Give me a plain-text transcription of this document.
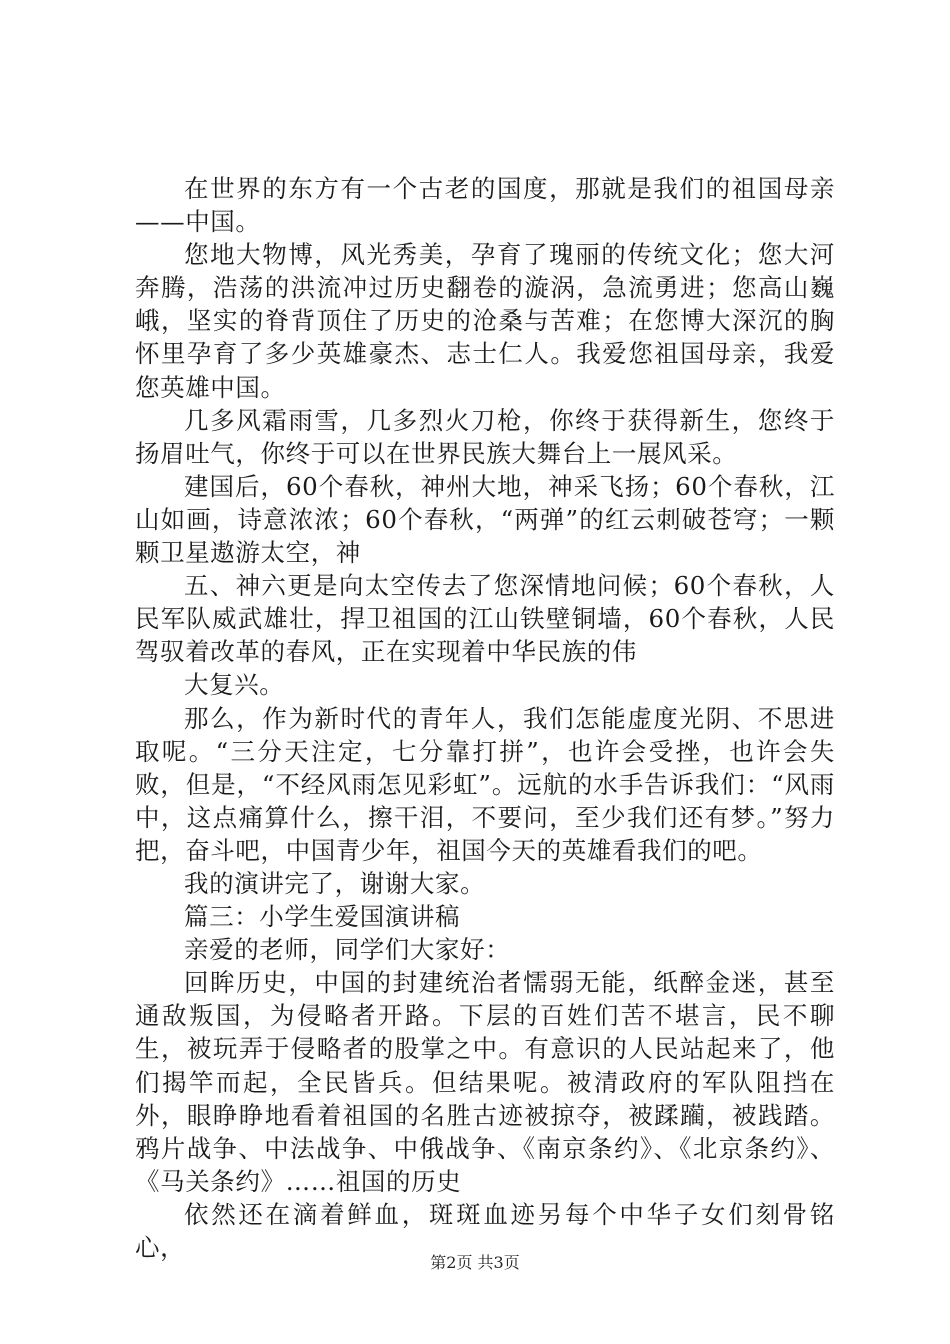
在世界的东方有一个古老的国度，那就是我们的祖国母亲——中国。

您地大物博，风光秀美，孕育了瑰丽的传统文化；您大河奔腾，浩荡的洪流冲过历史翻卷的漩涡，急流勇进；您高山巍峨，坚实的脊背顶住了历史的沧桑与苦难；在您博大深沉的胸怀里孕育了多少英雄豪杰、志士仁人。我爱您祖国母亲，我爱您英雄中国。

几多风霜雨雪，几多烈火刀枪，你终于获得新生，您终于扬眉吐气，你终于可以在世界民族大舞台上一展风采。

建国后，60个春秋，神州大地，神采飞扬；60个春秋，江山如画，诗意浓浓；60个春秋，“两弹”的红云刺破苍穹；一颗颗卫星遨游太空，神

五、神六更是向太空传去了您深情地问候；60个春秋，人民军队威武雄壮，捍卫祖国的江山铁壁铜墙，60个春秋，人民驾驭着改革的春风，正在实现着中华民族的伟

大复兴。

那么，作为新时代的青年人，我们怎能虚度光阴、不思进取呢。“三分天注定，七分靠打拼”，也许会受挫，也许会失败，但是，“不经风雨怎见彩虹”。远航的水手告诉我们：“风雨中，这点痛算什么，擦干泪，不要问，至少我们还有梦。”努力把，奋斗吧，中国青少年，祖国今天的英雄看我们的吧。

我的演讲完了，谢谢大家。

篇三：小学生爱国演讲稿

亲爱的老师，同学们大家好：

回眸历史，中国的封建统治者懦弱无能，纸醉金迷，甚至通敌叛国，为侵略者开路。下层的百姓们苦不堪言，民不聊生，被玩弄于侵略者的股掌之中。有意识的人民站起来了，他们揭竿而起，全民皆兵。但结果呢。被清政府的军队阻挡在外，眼睁睁地看着祖国的名胜古迹被掠夺，被蹂躏，被践踏。鸦片战争、中法战争、中俄战争、《南京条约》、《北京条约》、《马关条约》……祖国的历史

依然还在滴着鲜血，斑斑血迹另每个中华子女们刻骨铭心，

第2页 共3页
